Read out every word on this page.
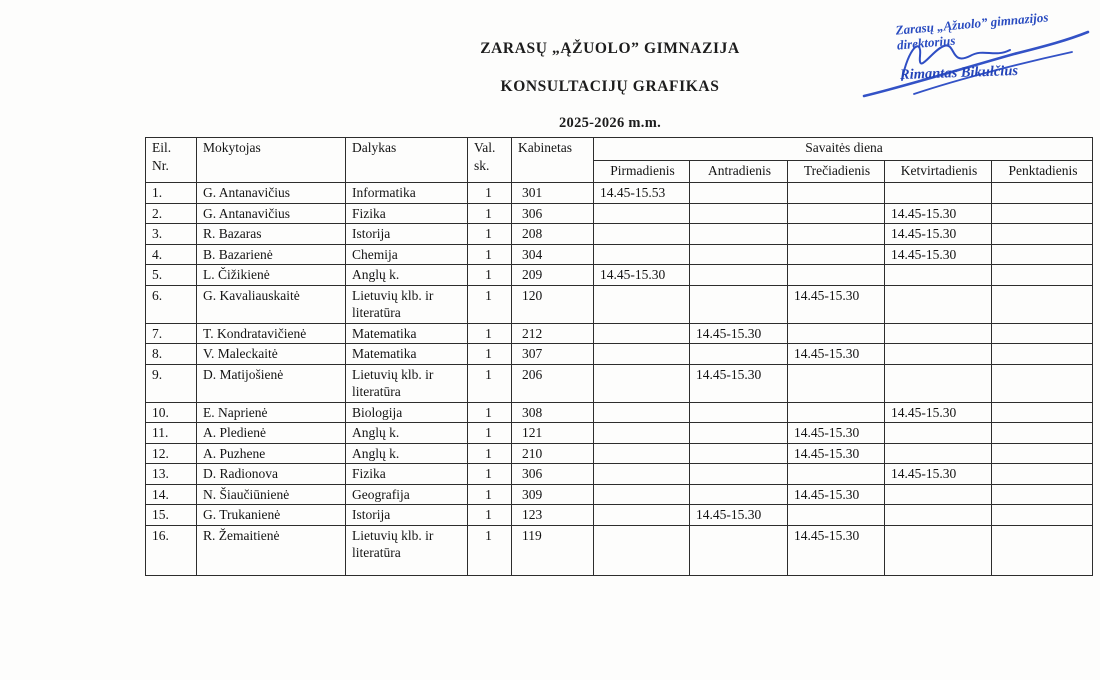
ZARASŲ „ĄŽUOLO” GIMNAZIJA
KONSULTACIJŲ GRAFIKAS
2025-2026 m.m.
Zarasų „Ąžuolo” gimnazijos
direktorius
Rimantas Bikulčius
Eil.
Nr.	Mokytojas	Dalykas	Val.
sk.	Kabinetas	Savaitės diena				
					Pirmadienis	Antradienis	Trečiadienis	Ketvirtadienis	Penktadienis
1.	G. Antanavičius	Informatika	1	301	14.45-15.53				
2.	G. Antanavičius	Fizika	1	306				14.45-15.30	
3.	R. Bazaras	Istorija	1	208				14.45-15.30	
4.	B. Bazarienė	Chemija	1	304				14.45-15.30	
5.	L. Čižikienė	Anglų k.	1	209	14.45-15.30				
6.	G. Kavaliauskaitė	Lietuvių klb. ir literatūra	1	120			14.45-15.30		
7.	T. Kondratavičienė	Matematika	1	212		14.45-15.30			
8.	V. Maleckaitė	Matematika	1	307			14.45-15.30		
9.	D. Matijošienė	Lietuvių klb. ir literatūra	1	206		14.45-15.30			
10.	E. Naprienė	Biologija	1	308				14.45-15.30	
11.	A. Pledienė	Anglų k.	1	121			14.45-15.30		
12.	A. Puzhene	Anglų k.	1	210			14.45-15.30		
13.	D. Radionova	Fizika	1	306				14.45-15.30	
14.	N. Šiaučiūnienė	Geografija	1	309			14.45-15.30		
15.	G. Trukanienė	Istorija	1	123		14.45-15.30			
16.	R. Žemaitienė	Lietuvių klb. ir literatūra	1	119			14.45-15.30		
